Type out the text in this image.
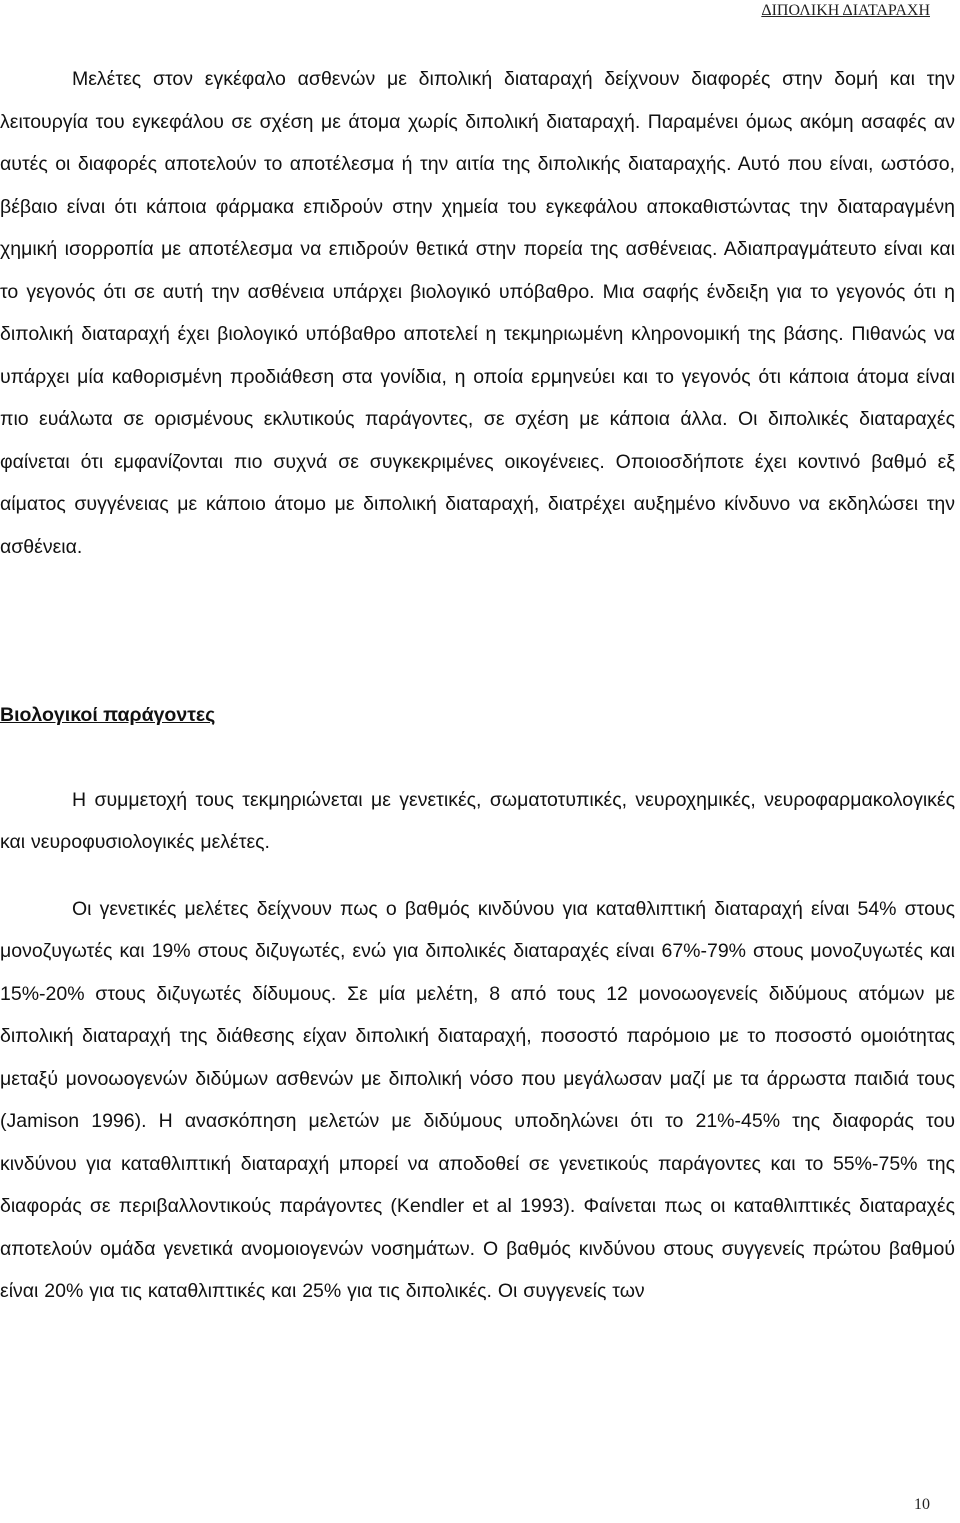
ΔΙΠΟΛΙΚΗ ΔΙΑΤΑΡΑΧΗ

Μελέτες στον εγκέφαλο ασθενών με διπολική διαταραχή δείχνουν διαφορές στην δομή και την λειτουργία του εγκεφάλου σε σχέση με άτομα χωρίς διπολική διαταραχή. Παραμένει όμως ακόμη ασαφές αν αυτές οι διαφορές αποτελούν το αποτέλεσμα ή την αιτία της διπολικής διαταραχής. Αυτό που είναι, ωστόσο, βέβαιο είναι ότι κάποια φάρμακα επιδρούν στην χημεία του εγκεφάλου αποκαθιστώντας την διαταραγμένη χημική ισορροπία με αποτέλεσμα να επιδρούν θετικά στην πορεία της ασθένειας. Αδιαπραγμάτευτο είναι και το γεγονός ότι σε αυτή την ασθένεια υπάρχει βιολογικό υπόβαθρο. Μια σαφής ένδειξη για το γεγονός ότι η διπολική διαταραχή έχει βιολογικό υπόβαθρο αποτελεί η τεκμηριωμένη κληρονομική της βάσης. Πιθανώς να υπάρχει μία καθορισμένη προδιάθεση στα γονίδια, η οποία ερμηνεύει και το γεγονός ότι κάποια άτομα είναι πιο ευάλωτα σε ορισμένους εκλυτικούς παράγοντες, σε σχέση με κάποια άλλα. Οι διπολικές διαταραχές φαίνεται ότι εμφανίζονται πιο συχνά σε συγκεκριμένες οικογένειες. Οποιοσδήποτε έχει κοντινό βαθμό εξ αίματος συγγένειας με κάποιο άτομο με διπολική διαταραχή, διατρέχει αυξημένο κίνδυνο να εκδηλώσει την ασθένεια.

Βιολογικοί παράγοντες

Η συμμετοχή τους τεκμηριώνεται με γενετικές, σωματοτυπικές, νευροχημικές, νευροφαρμακολογικές και νευροφυσιολογικές μελέτες.

Οι γενετικές μελέτες δείχνουν πως ο βαθμός κινδύνου για καταθλιπτική διαταραχή είναι 54% στους μονοζυγωτές και 19% στους διζυγωτές, ενώ για διπολικές διαταραχές είναι 67%-79% στους μονοζυγωτές και 15%-20% στους διζυγωτές δίδυμους. Σε μία μελέτη, 8 από τους 12 μονοωογενείς διδύμους ατόμων με διπολική διαταραχή της διάθεσης είχαν διπολική διαταραχή, ποσοστό παρόμοιο με το ποσοστό ομοιότητας μεταξύ μονοωογενών διδύμων ασθενών με διπολική νόσο που μεγάλωσαν μαζί με τα άρρωστα παιδιά τους (Jamison 1996). Η ανασκόπηση μελετών με διδύμους υποδηλώνει ότι το 21%-45% της διαφοράς του κινδύνου για καταθλιπτική διαταραχή μπορεί να αποδοθεί σε γενετικούς παράγοντες και το 55%-75% της διαφοράς σε περιβαλλοντικούς παράγοντες (Kendler et al 1993). Φαίνεται πως οι καταθλιπτικές διαταραχές αποτελούν ομάδα γενετικά ανομοιογενών νοσημάτων. Ο βαθμός κινδύνου στους συγγενείς πρώτου βαθμού είναι 20% για τις καταθλιπτικές και 25% για τις διπολικές. Οι συγγενείς των

10
